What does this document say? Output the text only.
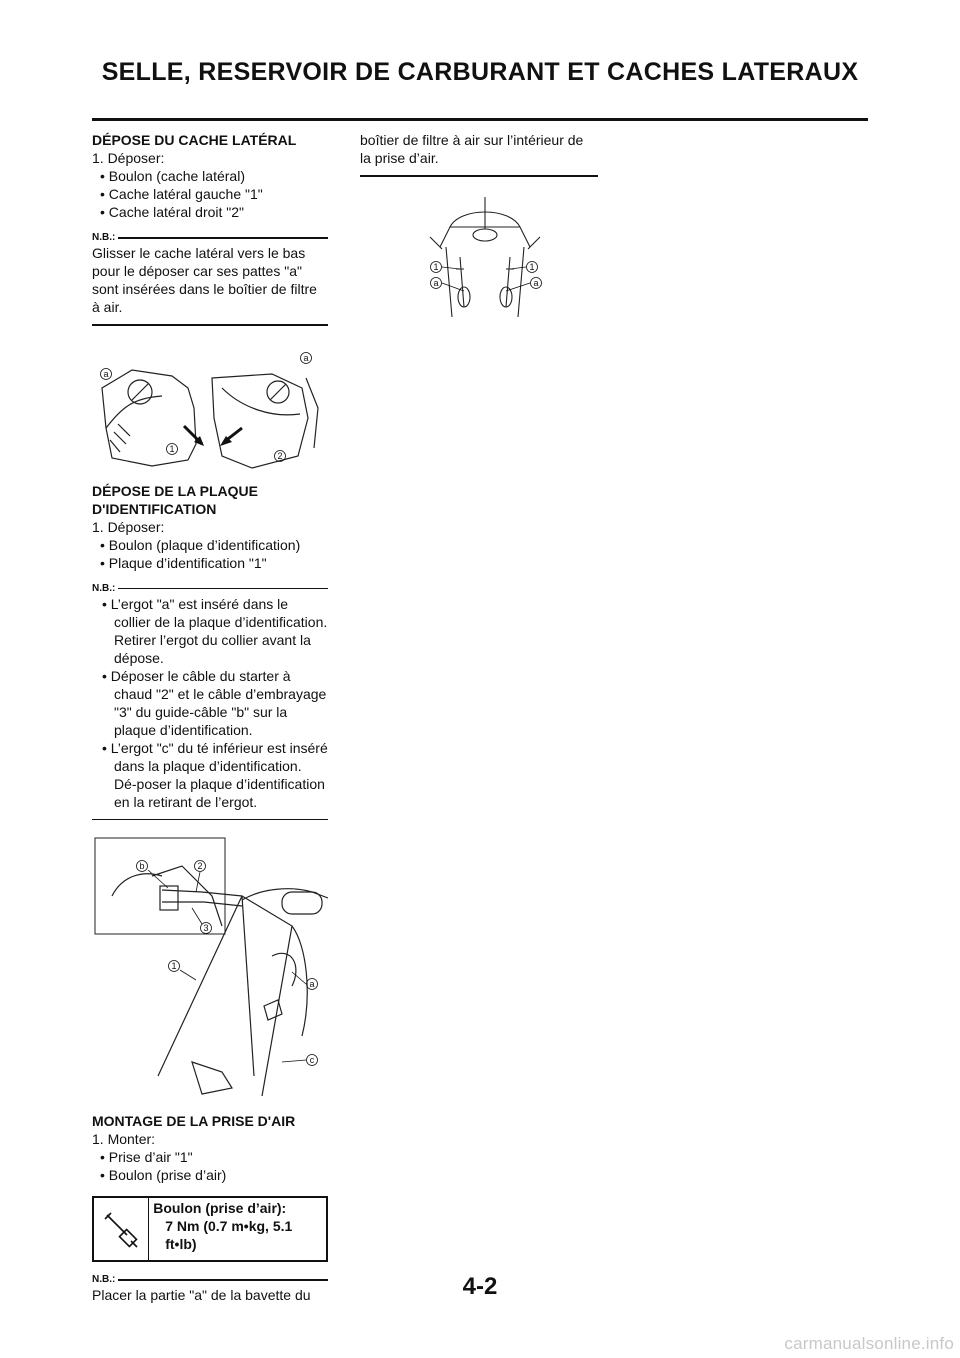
SELLE, RESERVOIR DE CARBURANT ET CACHES LATERAUX
DÉPOSE DU CACHE LATÉRAL

1. Déposer:

• Boulon (cache latéral)

• Cache latéral gauche "1"

• Cache latéral droit "2"

N.B.:

Glisser le cache latéral vers le bas pour le déposer car ses pattes "a" sont insérées dans le boîtier de filtre à air.

a
a
1
2
DÉPOSE DE LA PLAQUE D'IDENTIFICATION

1. Déposer:

• Boulon (plaque d’identification)

• Plaque d’identification "1"

N.B.:

• L’ergot "a" est inséré dans le collier de la plaque d’identification. Retirer l’ergot du collier avant la dépose.

• Déposer le câble du starter à chaud "2" et le câble d’embrayage "3" du guide-câble "b" sur la plaque d’identification.

• L’ergot "c" du té inférieur est inséré dans la plaque d’identification. Dé-poser la plaque d’identification en la retirant de l’ergot.

b	2
3
1
a
c
MONTAGE DE LA PRISE D'AIR

1. Monter:

• Prise d’air "1"

• Boulon (prise d’air)

Boulon (prise d’air):
7 Nm (0.7 m•kg, 5.1 ft•lb)
N.B.:

Placer la partie "a" de la bavette du

boîtier de filtre à air sur l’intérieur de la prise d’air.

1	1
a	a
4-2
carmanualsonline.info
